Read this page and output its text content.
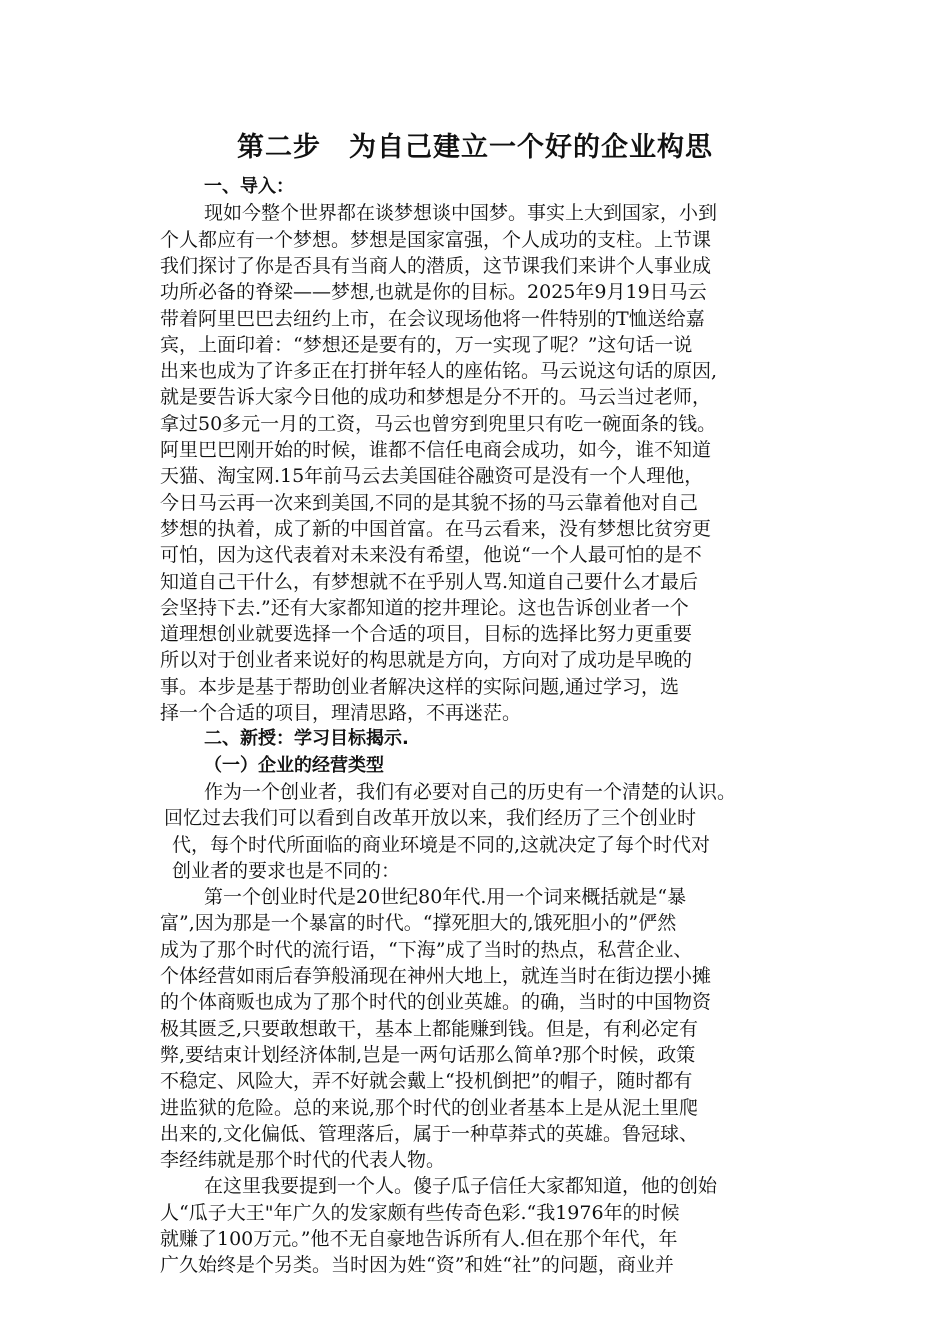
第二步　为自己建立一个好的企业构思
一、导入：
现如今整个世界都在谈梦想谈中国梦。事实上大到国家，小到
个人都应有一个梦想。梦想是国家富强，个人成功的支柱。上节课
我们探讨了你是否具有当商人的潜质，这节课我们来讲个人事业成
功所必备的脊梁——梦想,也就是你的目标。2025年9月19日马云
带着阿里巴巴去纽约上市，在会议现场他将一件特别的T恤送给嘉
宾，上面印着：“梦想还是要有的，万一实现了呢？”这句话一说
出来也成为了许多正在打拼年轻人的座佑铭。马云说这句话的原因,
就是要告诉大家今日他的成功和梦想是分不开的。马云当过老师，
拿过50多元一月的工资，马云也曾穷到兜里只有吃一碗面条的钱。
阿里巴巴刚开始的时候，谁都不信任电商会成功，如今，谁不知道
天猫、淘宝网.15年前马云去美国硅谷融资可是没有一个人理他，
今日马云再一次来到美国,不同的是其貌不扬的马云靠着他对自己
梦想的执着，成了新的中国首富。在马云看来，没有梦想比贫穷更
可怕，因为这代表着对未来没有希望，他说“一个人最可怕的是不
知道自己干什么，有梦想就不在乎别人骂.知道自己要什么才最后
会坚持下去.”还有大家都知道的挖井理论。这也告诉创业者一个
道理想创业就要选择一个合适的项目，目标的选择比努力更重要
所以对于创业者来说好的构思就是方向，方向对了成功是早晚的
事。本步是基于帮助创业者解决这样的实际问题,通过学习，选
择一个合适的项目，理清思路，不再迷茫。
二、新授：学习目标揭示.
（一）企业的经营类型
作为一个创业者，我们有必要对自己的历史有一个清楚的认识。
回忆过去我们可以看到自改革开放以来，我们经历了三个创业时
代，每个时代所面临的商业环境是不同的,这就决定了每个时代对
创业者的要求也是不同的：
第一个创业时代是20世纪80年代.用一个词来概括就是“暴
富”,因为那是一个暴富的时代。“撑死胆大的,饿死胆小的”俨然
成为了那个时代的流行语，“下海”成了当时的热点，私营企业、
个体经营如雨后春笋般涌现在神州大地上，就连当时在街边摆小摊
的个体商贩也成为了那个时代的创业英雄。的确，当时的中国物资
极其匮乏,只要敢想敢干，基本上都能赚到钱。但是，有利必定有
弊,要结束计划经济体制,岂是一两句话那么简单?那个时候，政策
不稳定、风险大，弄不好就会戴上“投机倒把”的帽子，随时都有
进监狱的危险。总的来说,那个时代的创业者基本上是从泥土里爬
出来的,文化偏低、管理落后，属于一种草莽式的英雄。鲁冠球、
李经纬就是那个时代的代表人物。
在这里我要提到一个人。傻子瓜子信任大家都知道，他的创始
人“瓜子大王"年广久的发家颇有些传奇色彩.“我1976年的时候
就赚了100万元。”他不无自豪地告诉所有人.但在那个年代，年
广久始终是个另类。当时因为姓“资”和姓“社”的问题，商业并
